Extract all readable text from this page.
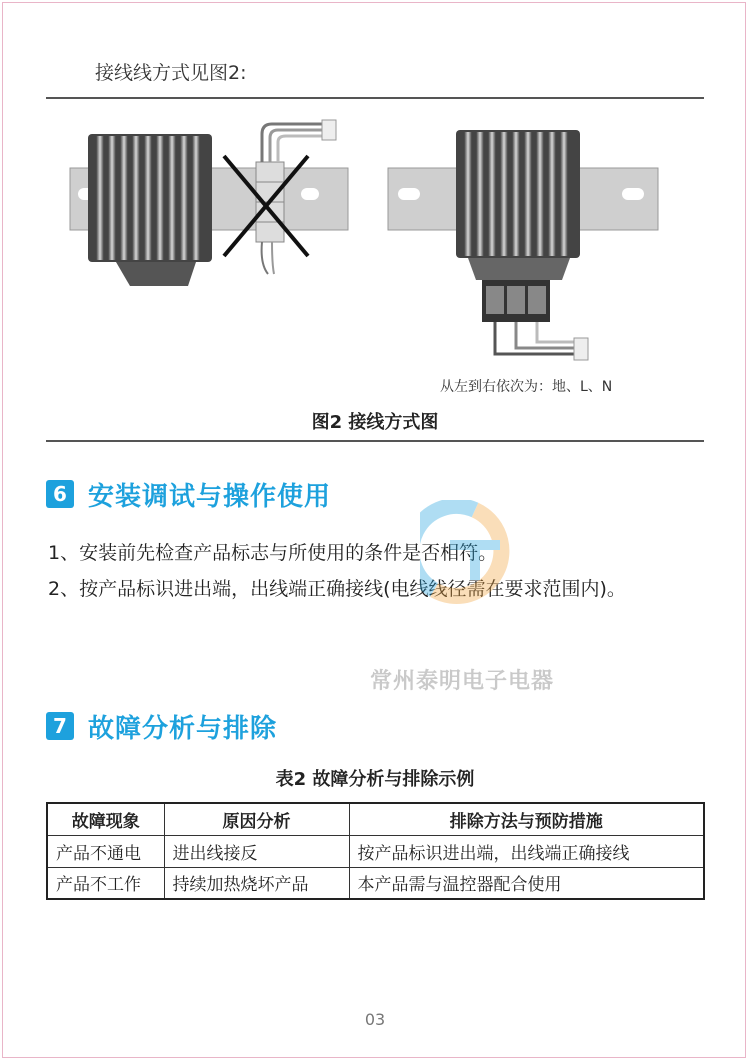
接线线方式见图2:
从左到右依次为：地、L、N
图2 接线方式图
6 安装调试与操作使用
1、安装前先检查产品标志与所使用的条件是否相符。
2、按产品标识进出端，出线端正确接线(电线线径需在要求范围内)。
常州泰明电子电器
7 故障分析与排除
表2 故障分析与排除示例
故障现象	原因分析	排除方法与预防措施
产品不通电	进出线接反	按产品标识进出端，出线端正确接线
产品不工作	持续加热烧坏产品	本产品需与温控器配合使用
03
